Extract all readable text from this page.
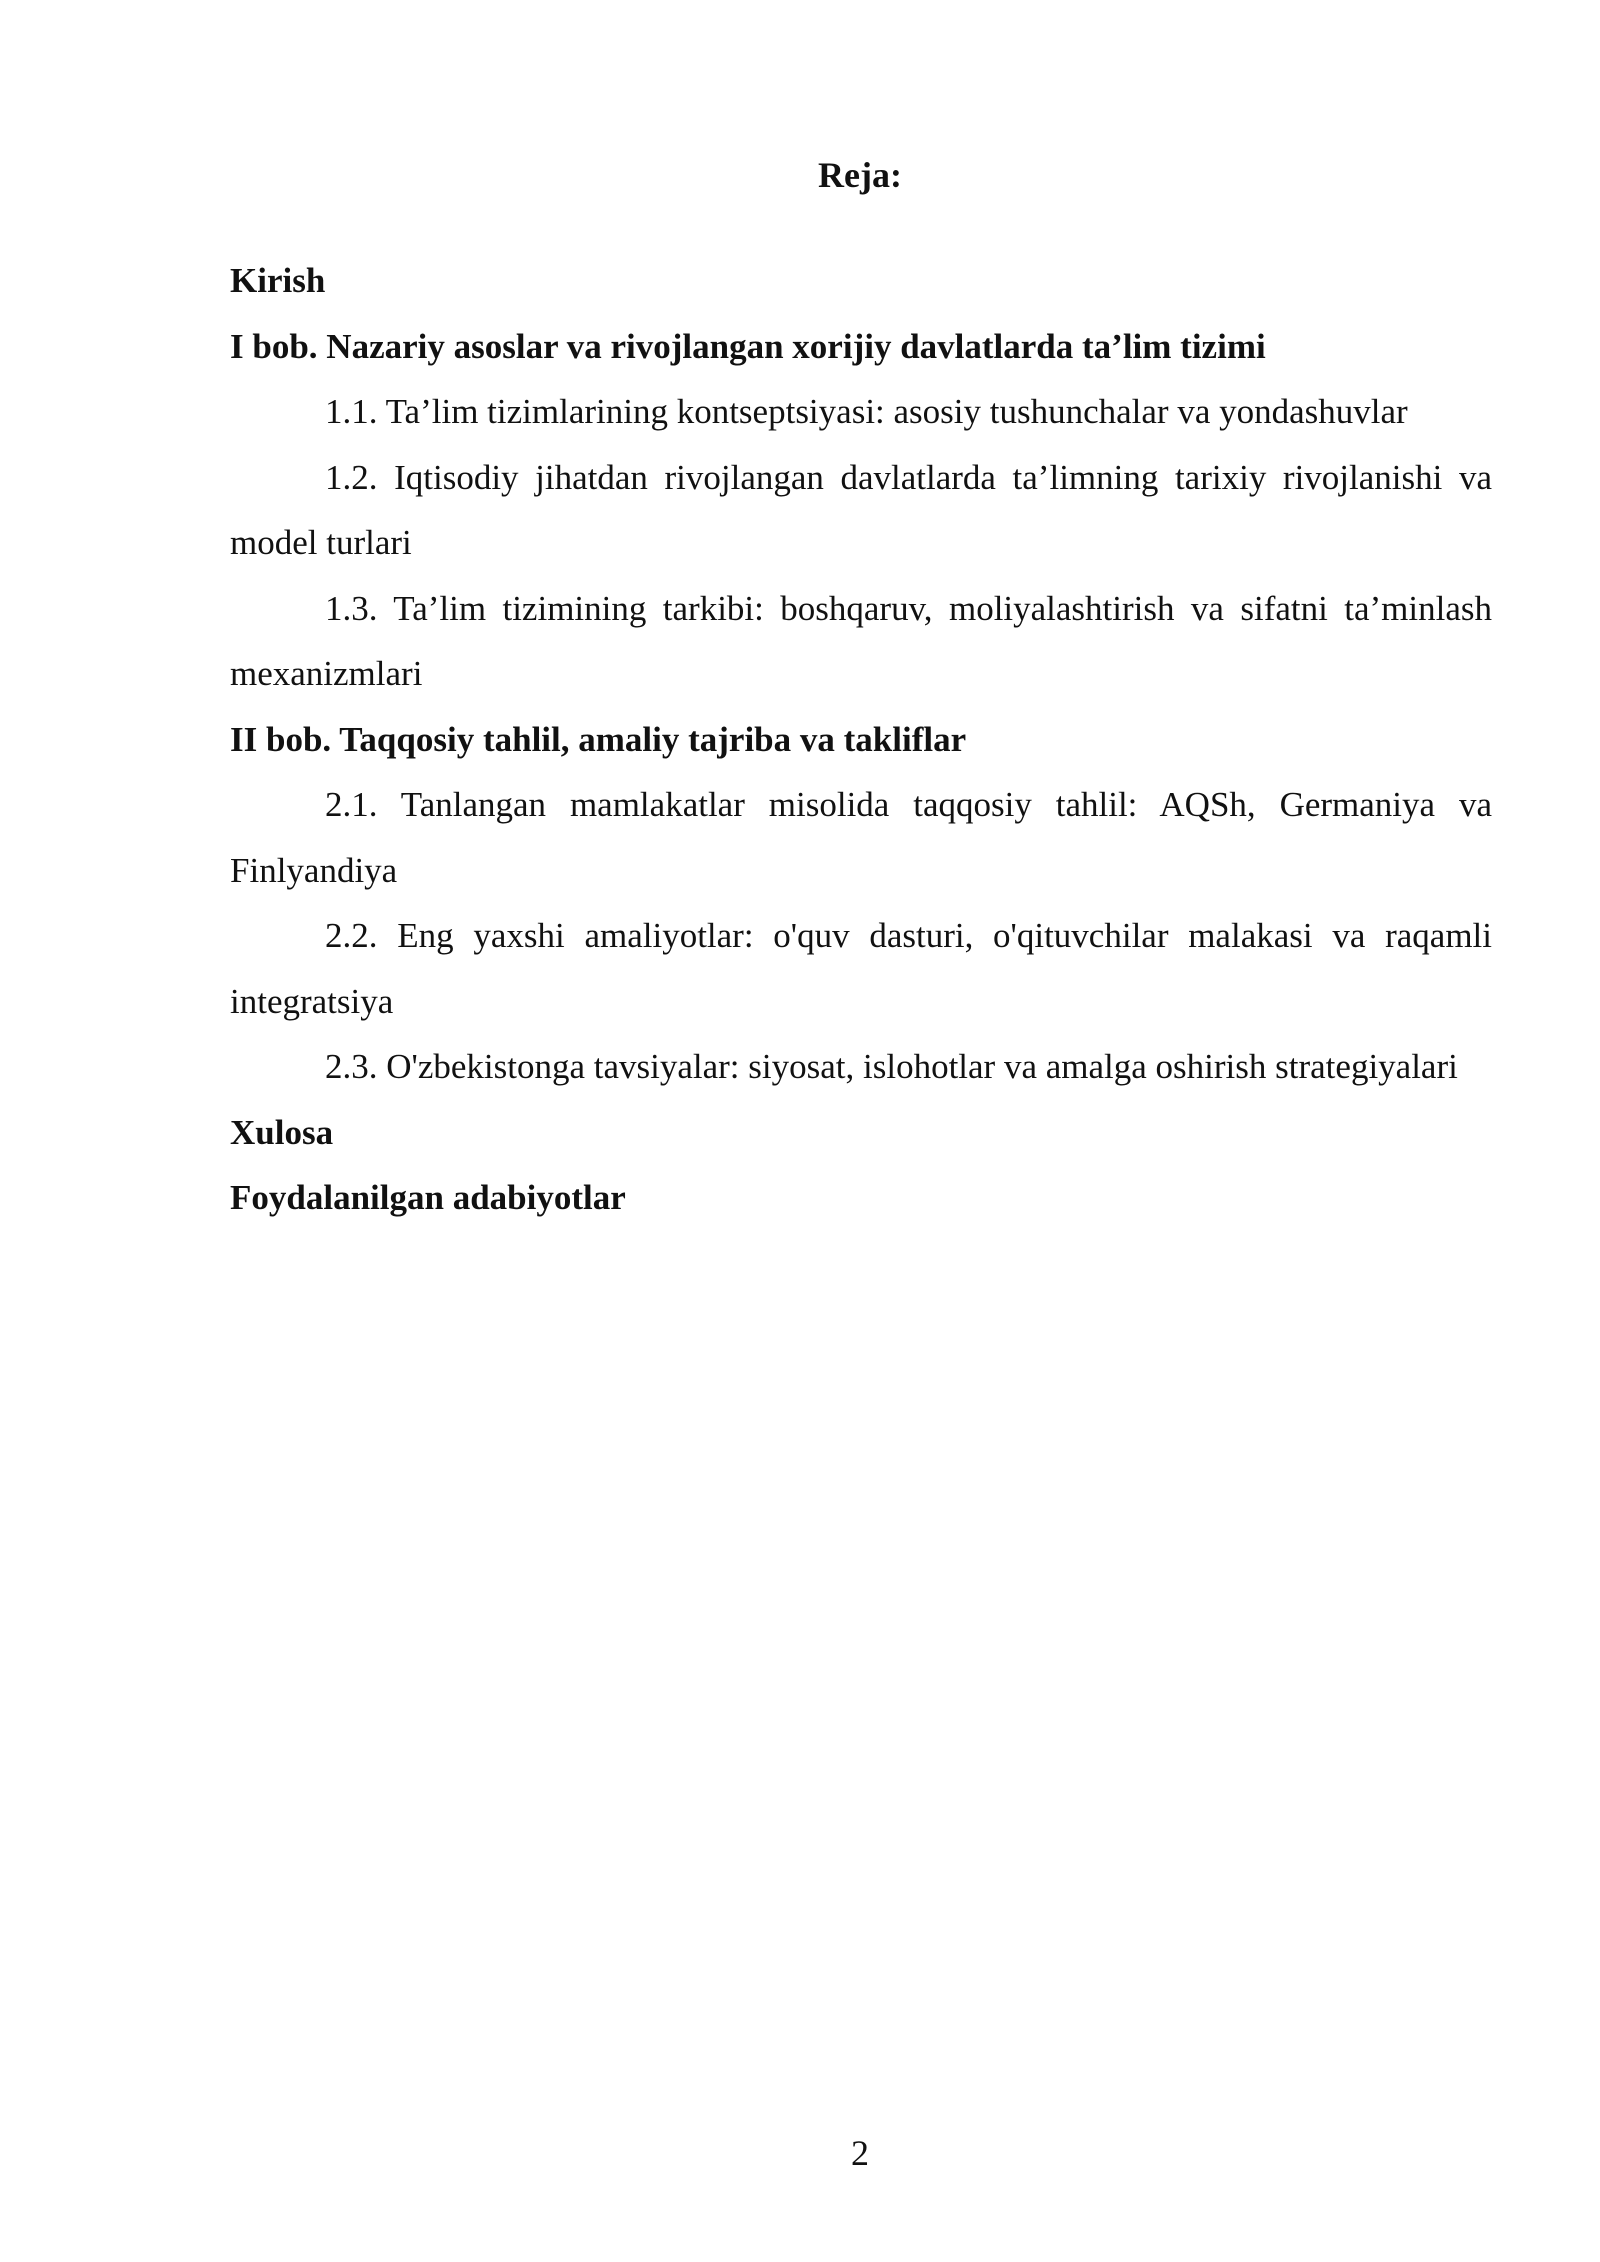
Reja:

Kirish

I bob. Nazariy asoslar va rivojlangan xorijiy davlatlarda ta’lim tizimi

1.1. Ta’lim tizimlarining kontseptsiyasi: asosiy tushunchalar va yondashuvlar

1.2. Iqtisodiy jihatdan rivojlangan davlatlarda ta’limning tarixiy rivojlanishi va model turlari

1.3. Ta’lim tizimining tarkibi: boshqaruv, moliyalashtirish va sifatni ta’minlash mexanizmlari

II bob. Taqqosiy tahlil, amaliy tajriba va takliflar

2.1. Tanlangan mamlakatlar misolida taqqosiy tahlil: AQSh, Germaniya va Finlyandiya

2.2. Eng yaxshi amaliyotlar: o'quv dasturi, o'qituvchilar malakasi va raqamli integratsiya

2.3. O'zbekistonga tavsiyalar: siyosat, islohotlar va amalga oshirish strategiyalari

Xulosa

Foydalanilgan adabiyotlar

2
